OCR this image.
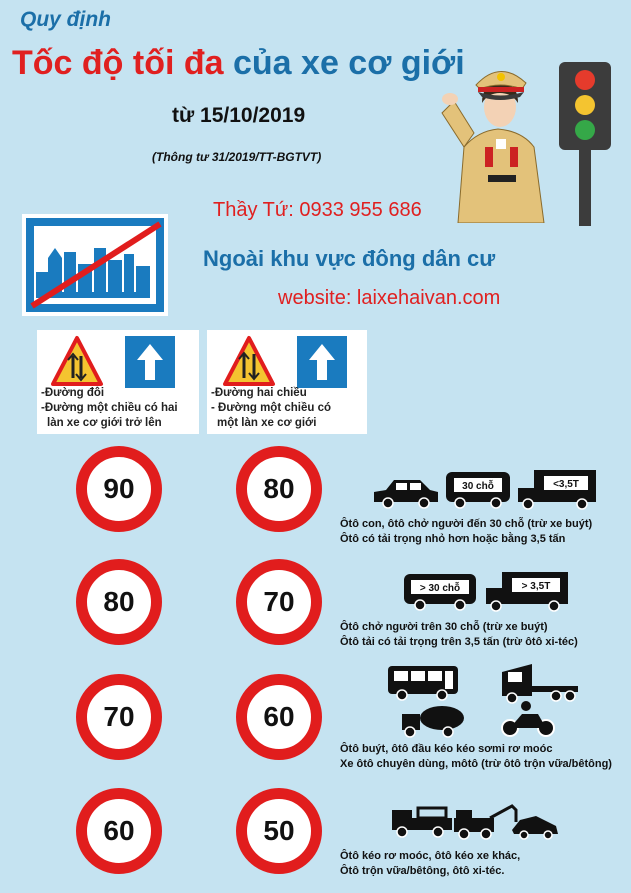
Quy định
Tốc độ tối đa của xe cơ giới
từ 15/10/2019
(Thông tư 31/2019/TT-BGTVT)
Thầy Tứ: 0933 955 686
Ngoài khu vực đông dân cư
website: laixehaivan.com
-Đường đôi
-Đường một chiều có hai
làn xe cơ giới trở lên
-Đường hai chiều
- Đường một chiều có
một làn xe cơ giới
90	80
80	70
70	60
60	50
30 chỗ	<3,5T
Ôtô con, ôtô chở người đến 30 chỗ (trừ xe buýt)
Ôtô có tải trọng nhỏ hơn hoặc bằng 3,5 tấn
> 30 chỗ	> 3,5T
Ôtô chở người trên 30 chỗ (trừ xe buýt)
Ôtô tải có tải trọng trên 3,5 tấn (trừ ôtô xi-téc)
Ôtô buýt, ôtô đầu kéo kéo sơmi rơ moóc
Xe ôtô chuyên dùng, môtô (trừ ôtô trộn vữa/bêtông)
Ôtô kéo rơ moóc, ôtô kéo xe khác,
Ôtô trộn vữa/bêtông, ôtô xi-téc.
